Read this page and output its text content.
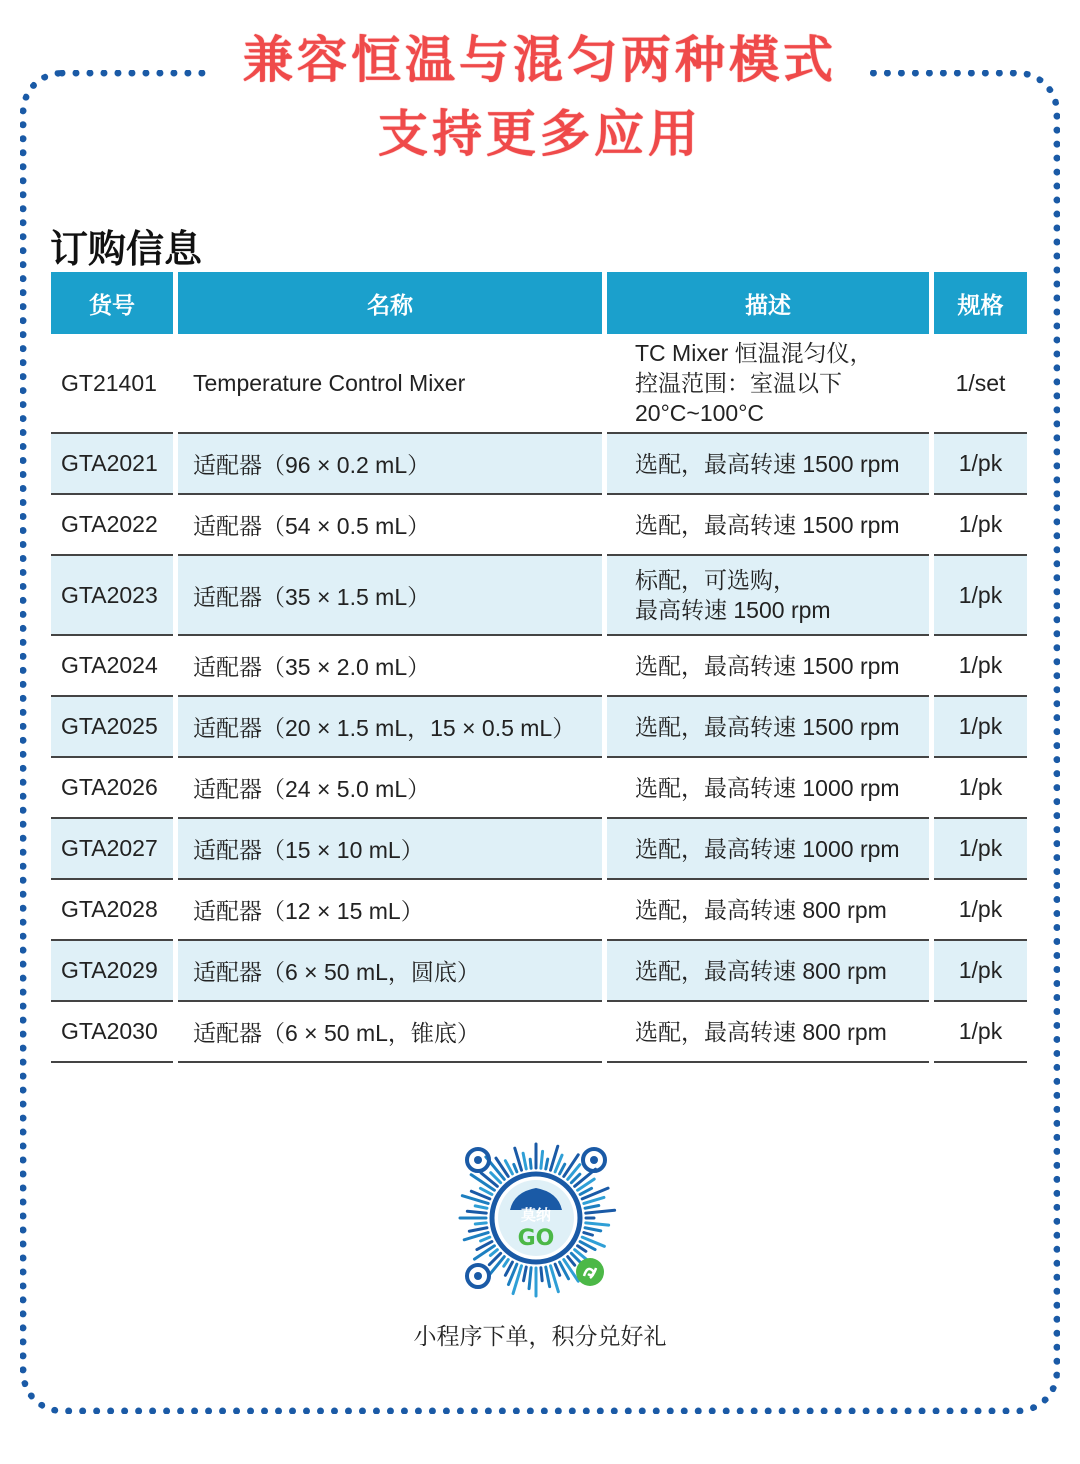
兼容恒温与混匀两种模式
支持更多应用
订购信息
货号	名称	描述	规格
GT21401	Temperature Control Mixer	TC Mixer 恒温混匀仪，
控温范围：室温以下
20°C~100°C	1/set
GTA2021	适配器（96 × 0.2 mL）	选配，最高转速 1500 rpm	1/pk
GTA2022	适配器（54 × 0.5 mL）	选配，最高转速 1500 rpm	1/pk
GTA2023	适配器（35 × 1.5 mL）	标配，可选购，
最高转速 1500 rpm	1/pk
GTA2024	适配器（35 × 2.0 mL）	选配，最高转速 1500 rpm	1/pk
GTA2025	适配器（20 × 1.5 mL，15 × 0.5 mL）	选配，最高转速 1500 rpm	1/pk
GTA2026	适配器（24 × 5.0 mL）	选配，最高转速 1000 rpm	1/pk
GTA2027	适配器（15 × 10 mL）	选配，最高转速 1000 rpm	1/pk
GTA2028	适配器（12 × 15 mL）	选配，最高转速 800 rpm	1/pk
GTA2029	适配器（6 × 50 mL，圆底）	选配，最高转速 800 rpm	1/pk
GTA2030	适配器（6 × 50 mL，锥底）	选配，最高转速 800 rpm	1/pk
莫纳
GO
小程序下单，积分兑好礼
